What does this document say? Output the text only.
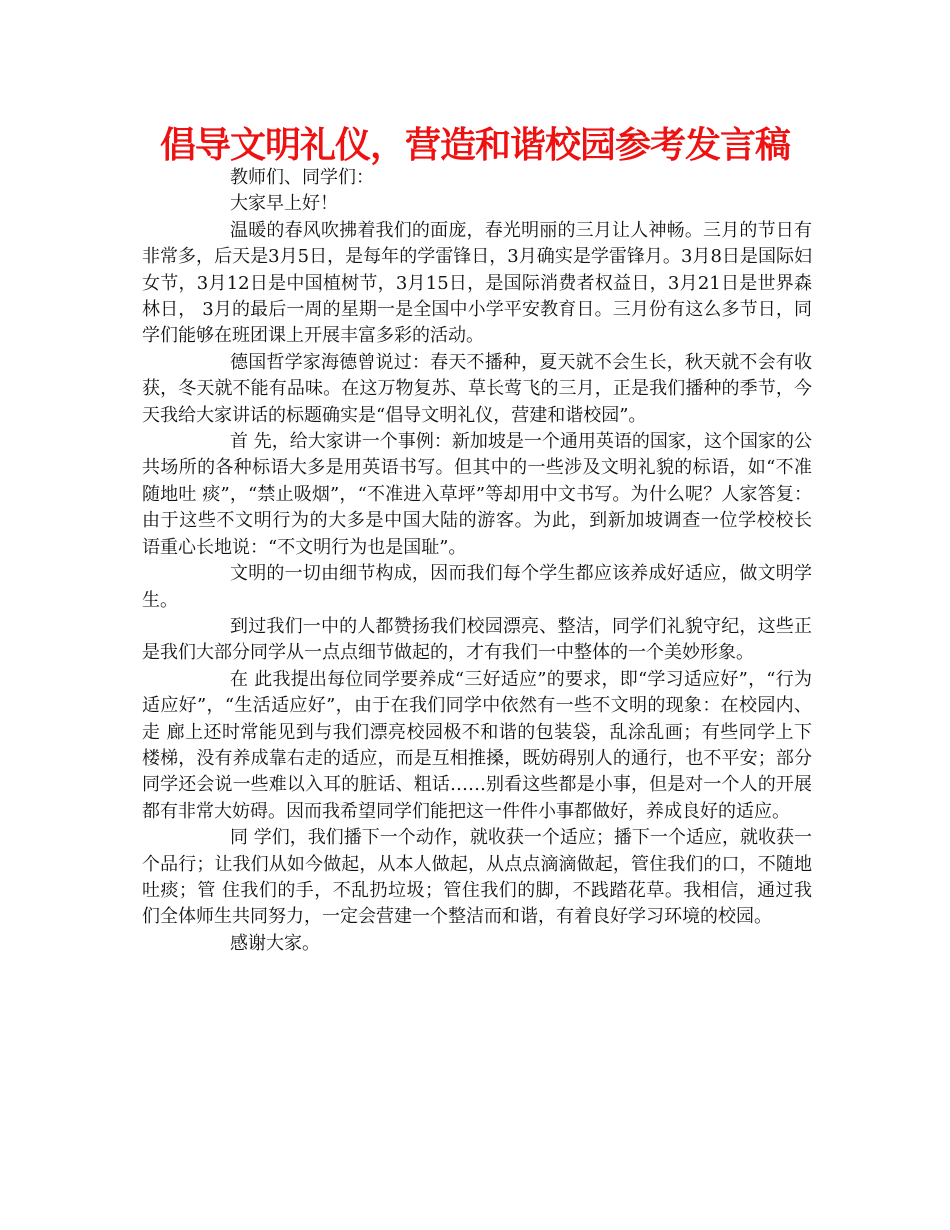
倡导文明礼仪，营造和谐校园参考发言稿

教师们、同学们：

大家早上好！

温暖的春风吹拂着我们的面庞，春光明丽的三月让人神畅。三月的节日有非常多，后天是3月5日，是每年的学雷锋日，3月确实是学雷锋月。3月8日是国际妇女节，3月12日是中国植树节，3月15日，是国际消费者权益日，3月21日是世界森林日， 3月的最后一周的星期一是全国中小学平安教育日。三月份有这么多节日，同学们能够在班团课上开展丰富多彩的活动。

德国哲学家海德曾说过：春天不播种，夏天就不会生长，秋天就不会有收获，冬天就不能有品味。在这万物复苏、草长莺飞的三月，正是我们播种的季节，今天我给大家讲话的标题确实是“倡导文明礼仪，营建和谐校园”。

首 先，给大家讲一个事例：新加坡是一个通用英语的国家，这个国家的公共场所的各种标语大多是用英语书写。但其中的一些涉及文明礼貌的标语，如“不准随地吐 痰”，“禁止吸烟”，“不准进入草坪”等却用中文书写。为什么呢？人家答复：由于这些不文明行为的大多是中国大陆的游客。为此，到新加坡调查一位学校校长 语重心长地说：“不文明行为也是国耻”。

文明的一切由细节构成，因而我们每个学生都应该养成好适应，做文明学生。

到过我们一中的人都赞扬我们校园漂亮、整洁，同学们礼貌守纪，这些正是我们大部分同学从一点点细节做起的，才有我们一中整体的一个美妙形象。

在 此我提出每位同学要养成“三好适应”的要求，即“学习适应好”，“行为适应好”，“生活适应好”，由于在我们同学中依然有一些不文明的现象：在校园内、走 廊上还时常能见到与我们漂亮校园极不和谐的包装袋，乱涂乱画；有些同学上下楼梯，没有养成靠右走的适应，而是互相推搡，既妨碍别人的通行，也不平安；部分 同学还会说一些难以入耳的脏话、粗话……别看这些都是小事，但是对一个人的开展都有非常大妨碍。因而我希望同学们能把这一件件小事都做好，养成良好的适应。

同 学们，我们播下一个动作，就收获一个适应；播下一个适应，就收获一个品行；让我们从如今做起，从本人做起，从点点滴滴做起，管住我们的口，不随地吐痰；管 住我们的手，不乱扔垃圾；管住我们的脚，不践踏花草。我相信，通过我们全体师生共同努力，一定会营建一个整洁而和谐，有着良好学习环境的校园。

感谢大家。
